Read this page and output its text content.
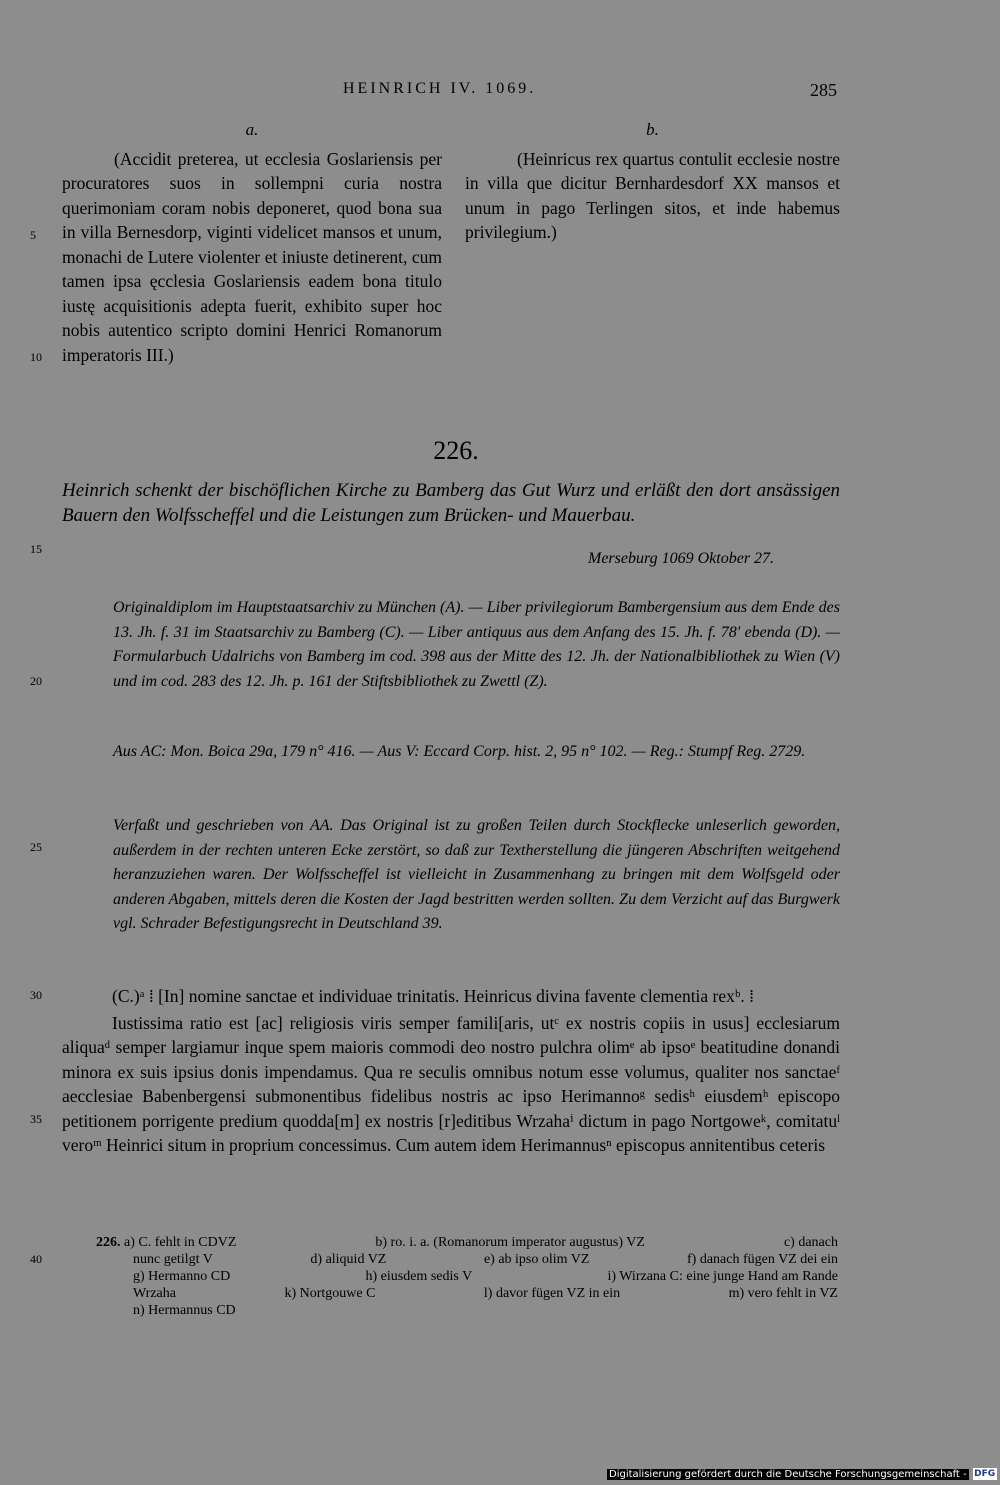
HEINRICH IV. 1069.	285
a.

(Accidit preterea, ut ecclesia Goslariensis per procuratores suos in sollempni curia nostra querimoniam coram nobis deponeret, quod bona sua in villa Bernesdorp, viginti videlicet mansos et unum, monachi de Lutere violenter et iniuste detinerent, cum tamen ipsa ęcclesia Goslariensis eadem bona titulo iustę acquisitionis adepta fuerit, exhibito super hoc nobis autentico scripto domini Henrici Romanorum imperatoris III.)

b.

(Heinricus rex quartus contulit ecclesie nostre in villa que dicitur Bernhardesdorf XX mansos et unum in pago Terlingen sitos, et inde habemus privilegium.)

5
10
15
20
25
30
35
40
226.
Heinrich schenkt der bischöflichen Kirche zu Bamberg das Gut Wurz und erläßt den dort ansässigen Bauern den Wolfsscheffel und die Leistungen zum Brücken- und Mauerbau.
Merseburg 1069 Oktober 27.
Originaldiplom im Hauptstaatsarchiv zu München (A). — Liber privilegiorum Bambergensium aus dem Ende des 13. Jh. f. 31 im Staatsarchiv zu Bamberg (C). — Liber antiquus aus dem Anfang des 15. Jh. f. 78′ ebenda (D). — Formularbuch Udalrichs von Bamberg im cod. 398 aus der Mitte des 12. Jh. der Nationalbibliothek zu Wien (V) und im cod. 283 des 12. Jh. p. 161 der Stiftsbibliothek zu Zwettl (Z).
Aus AC: Mon. Boica 29a, 179 n° 416. — Aus V: Eccard Corp. hist. 2, 95 n° 102. — Reg.: Stumpf Reg. 2729.
Verfaßt und geschrieben von AA. Das Original ist zu großen Teilen durch Stockflecke unleserlich geworden, außerdem in der rechten unteren Ecke zerstört, so daß zur Textherstellung die jüngeren Abschriften weitgehend heranzuziehen waren. Der Wolfsscheffel ist vielleicht in Zusammenhang zu bringen mit dem Wolfsgeld oder anderen Abgaben, mittels deren die Kosten der Jagd bestritten werden sollten. Zu dem Verzicht auf das Burgwerk vgl. Schrader Befestigungsrecht in Deutschland 39.

(C.)ᵃ ⁞ [In] nomine sanctae et individuae trinitatis. Heinricus divina favente clementia rexᵇ. ⁞

Iustissima ratio est [ac] religiosis viris semper famili[aris, utᶜ ex nostris copiis in usus] ecclesiarum aliquaᵈ semper largiamur inque spem maioris commodi deo nostro pulchra olimᵉ ab ipsoᵉ beatitudine donandi minora ex suis ipsius donis impendamus. Qua re seculis omnibus notum esse volumus, qualiter nos sanctaeᶠ aecclesiae Babenbergensi submonentibus fidelibus nostris ac ipso Herimannoᵍ sedisʰ eiusdemʰ episcopo petitionem porrigente predium quodda[m] ex nostris [r]editibus Wrzahaⁱ dictum in pago Nortgoweᵏ, comitatuˡ veroᵐ Heinrici situm in proprium concessimus. Cum autem idem Herimannusⁿ episcopus annitentibus ceteris

226. a) C. fehlt in CDVZ	b) ro. i. a. (Romanorum imperator augustus) VZ	c) danach
nunc getilgt V	d) aliquid VZ	e) ab ipso olim VZ	f) danach fügen VZ dei ein
g) Hermanno CD	h) eiusdem sedis V	i) Wirzana C: eine junge Hand am Rande
Wrzaha	k) Nortgouwe C	l) davor fügen VZ in ein	m) vero fehlt in VZ
n) Hermannus CD
Digitalisierung gefördert durch die Deutsche Forschungsgemeinschaft - DFG
